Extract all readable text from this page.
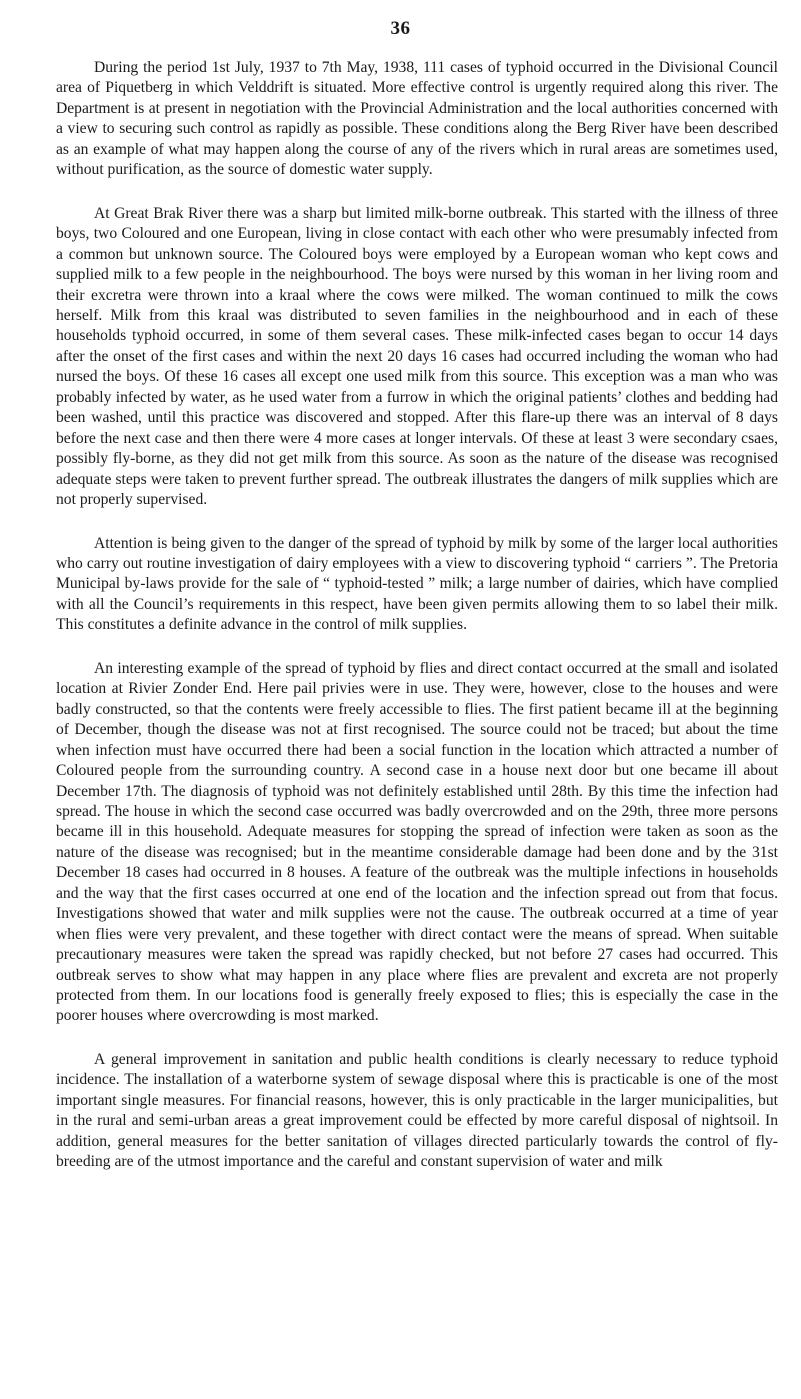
36

During the period 1st July, 1937 to 7th May, 1938, 111 cases of typhoid occurred in the Divisional Council area of Piquetberg in which Velddrift is situated. More effective control is urgently required along this river. The Department is at present in negotiation with the Provincial Administration and the local authorities concerned with a view to securing such control as rapidly as possible. These conditions along the Berg River have been described as an example of what may happen along the course of any of the rivers which in rural areas are sometimes used, without purification, as the source of domestic water supply.

At Great Brak River there was a sharp but limited milk-borne outbreak. This started with the illness of three boys, two Coloured and one European, living in close contact with each other who were presumably infected from a common but unknown source. The Coloured boys were employed by a European woman who kept cows and supplied milk to a few people in the neighbourhood. The boys were nursed by this woman in her living room and their excretra were thrown into a kraal where the cows were milked. The woman continued to milk the cows herself. Milk from this kraal was distributed to seven families in the neighbourhood and in each of these households typhoid occurred, in some of them several cases. These milk-infected cases began to occur 14 days after the onset of the first cases and within the next 20 days 16 cases had occurred including the woman who had nursed the boys. Of these 16 cases all except one used milk from this source. This exception was a man who was probably infected by water, as he used water from a furrow in which the original patients’ clothes and bedding had been washed, until this practice was discovered and stopped. After this flare-up there was an interval of 8 days before the next case and then there were 4 more cases at longer intervals. Of these at least 3 were secondary csaes, possibly fly-borne, as they did not get milk from this source. As soon as the nature of the disease was recognised adequate steps were taken to prevent further spread. The outbreak illustrates the dangers of milk supplies which are not properly supervised.

Attention is being given to the danger of the spread of typhoid by milk by some of the larger local authorities who carry out routine investigation of dairy employees with a view to discovering typhoid “ carriers ”. The Pretoria Municipal by-laws provide for the sale of “ typhoid-tested ” milk; a large number of dairies, which have complied with all the Council’s requirements in this respect, have been given permits allowing them to so label their milk. This constitutes a definite advance in the control of milk supplies.

An interesting example of the spread of typhoid by flies and direct contact occurred at the small and isolated location at Rivier Zonder End. Here pail privies were in use. They were, however, close to the houses and were badly constructed, so that the contents were freely accessible to flies. The first patient became ill at the beginning of December, though the disease was not at first recognised. The source could not be traced; but about the time when infection must have occurred there had been a social function in the location which attracted a number of Coloured people from the surrounding country. A second case in a house next door but one became ill about December 17th. The diagnosis of typhoid was not definitely established until 28th. By this time the infection had spread. The house in which the second case occurred was badly overcrowded and on the 29th, three more persons became ill in this household. Adequate measures for stopping the spread of infection were taken as soon as the nature of the disease was recognised; but in the meantime considerable damage had been done and by the 31st December 18 cases had occurred in 8 houses. A feature of the outbreak was the multiple infections in households and the way that the first cases occurred at one end of the location and the infection spread out from that focus. Investigations showed that water and milk supplies were not the cause. The outbreak occurred at a time of year when flies were very prevalent, and these together with direct contact were the means of spread. When suitable precautionary measures were taken the spread was rapidly checked, but not before 27 cases had occurred. This outbreak serves to show what may happen in any place where flies are prevalent and excreta are not properly protected from them. In our locations food is generally freely exposed to flies; this is especially the case in the poorer houses where overcrowding is most marked.

A general improvement in sanitation and public health conditions is clearly necessary to reduce typhoid incidence. The installation of a waterborne system of sewage disposal where this is practicable is one of the most important single measures. For financial reasons, however, this is only practicable in the larger municipalities, but in the rural and semi-urban areas a great improvement could be effected by more careful disposal of nightsoil. In addition, general measures for the better sanitation of villages directed particularly towards the control of fly-breeding are of the utmost importance and the careful and constant supervision of water and milk
